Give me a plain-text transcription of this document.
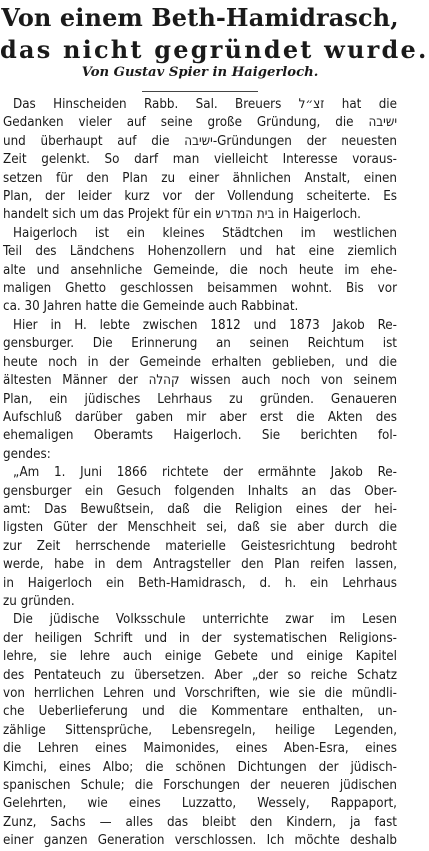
Von einem Beth-Hamidrasch,
das nicht gegründet wurde.
Von Gustav Spier in Haigerloch.
Das Hinscheiden Rabb. Sal. Breuers זצ״ל hat die
Gedanken vieler auf seine große Gründung, die ישיבה
und überhaupt auf die ישיבה-Gründungen der neuesten
Zeit gelenkt. So darf man vielleicht Interesse voraus-
setzen für den Plan zu einer ähnlichen Anstalt, einen
Plan, der leider kurz vor der Vollendung scheiterte. Es
handelt sich um das Projekt für ein בית המדרש in Haigerloch.
Haigerloch ist ein kleines Städtchen im westlichen
Teil des Ländchens Hohenzollern und hat eine ziemlich
alte und ansehnliche Gemeinde, die noch heute im ehe-
maligen Ghetto geschlossen beisammen wohnt. Bis vor
ca. 30 Jahren hatte die Gemeinde auch Rabbinat.
Hier in H. lebte zwischen 1812 und 1873 Jakob Re-
gensburger. Die Erinnerung an seinen Reichtum ist
heute noch in der Gemeinde erhalten geblieben, und die
ältesten Männer der קהלה wissen auch noch von seinem
Plan, ein jüdisches Lehrhaus zu gründen. Genaueren
Aufschluß darüber gaben mir aber erst die Akten des
ehemaligen Oberamts Haigerloch. Sie berichten fol-
gendes:
„Am 1. Juni 1866 richtete der ermähnte Jakob Re-
gensburger ein Gesuch folgenden Inhalts an das Ober-
amt: Das Bewußtsein, daß die Religion eines der hei-
ligsten Güter der Menschheit sei, daß sie aber durch die
zur Zeit herrschende materielle Geistesrichtung bedroht
werde, habe in dem Antragsteller den Plan reifen lassen,
in Haigerloch ein Beth-Hamidrasch, d. h. ein Lehrhaus
zu gründen.
Die jüdische Volksschule unterrichte zwar im Lesen
der heiligen Schrift und in der systematischen Religions-
lehre, sie lehre auch einige Gebete und einige Kapitel
des Pentateuch zu übersetzen. Aber „der so reiche Schatz
von herrlichen Lehren und Vorschriften, wie sie die mündli-
che Ueberlieferung und die Kommentare enthalten, un-
zählige Sittensprüche, Lebensregeln, heilige Legenden,
die Lehren eines Maimonides, eines Aben-Esra, eines
Kimchi, eines Albo; die schönen Dichtungen der jüdisch-
spanischen Schule; die Forschungen der neueren jüdischen
Gelehrten, wie eines Luzzatto, Wessely, Rappaport,
Zunz, Sachs — alles das bleibt den Kindern, ja fast
einer ganzen Generation verschlossen. Ich möchte deshalb
